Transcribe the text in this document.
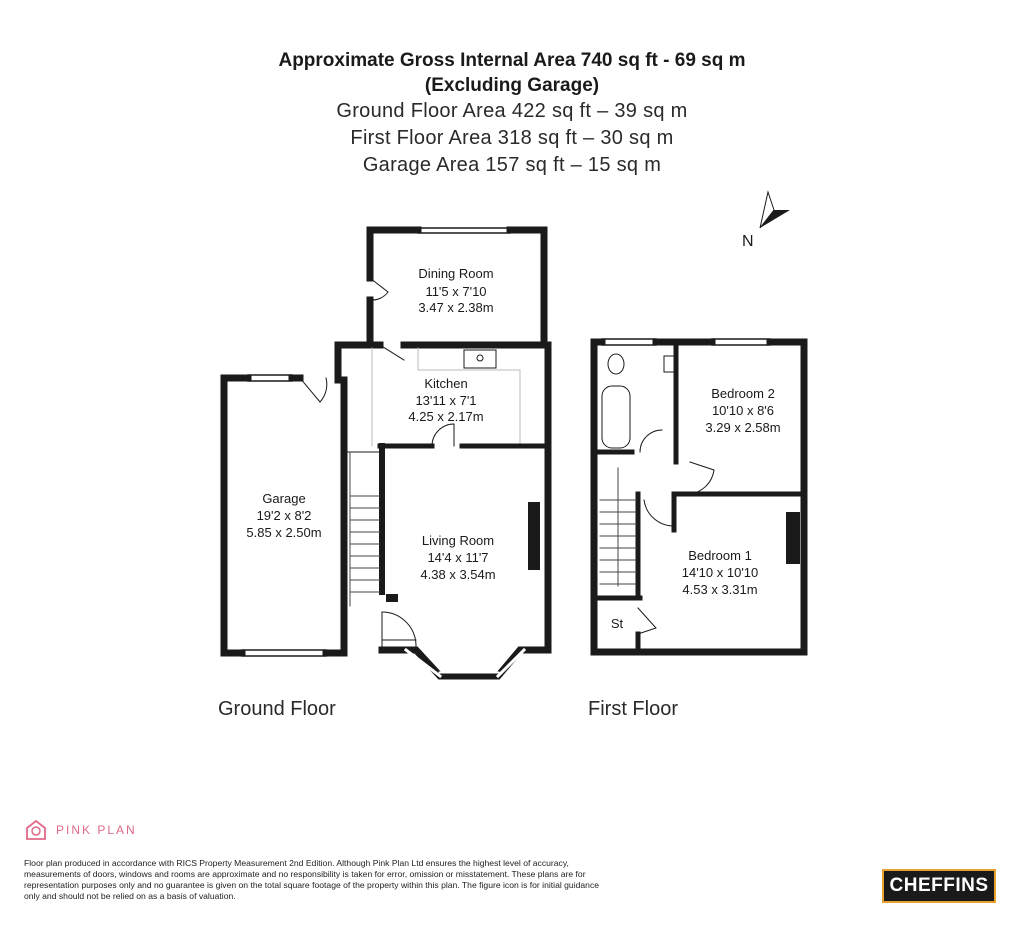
Approximate Gross Internal Area 740 sq ft - 69 sq m
(Excluding Garage)
Ground Floor Area 422 sq ft – 39 sq m
First Floor Area 318 sq ft – 30 sq m
Garage Area 157 sq ft – 15 sq m
N
Dining Room
11'5 x 7'10
3.47 x 2.38m
Kitchen
13'11 x 7'1
4.25 x 2.17m
Garage
19'2 x 8'2
5.85 x 2.50m
Living Room
14'4 x 11'7
4.38 x 3.54m
Bedroom 2
10'10 x 8'6
3.29 x 2.58m
Bedroom 1
14'10 x 10'10
4.53 x 3.31m
St
Ground Floor	First Floor
PINK PLAN
Floor plan produced in accordance with RICS Property Measurement 2nd Edition. Although Pink Plan Ltd ensures the highest level of accuracy, measurements of doors, windows and rooms are approximate and no responsibility is taken for error, omission or misstatement. These plans are for representation purposes only and no guarantee is given on the total square footage of the property within this plan. The figure icon is for initial guidance only and should not be relied on as a basis of valuation.	CHEFFINS
